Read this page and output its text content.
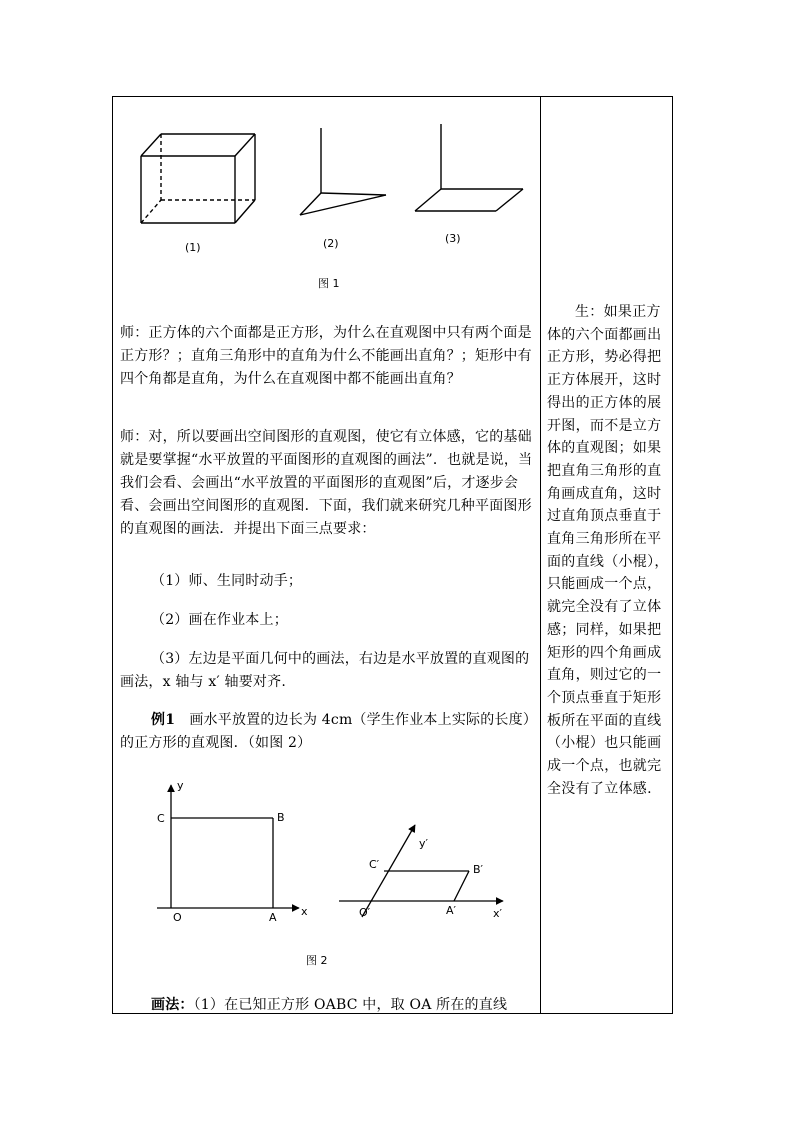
(1)	(2)	(3)
图 1

师：正方体的六个面都是正方形，为什么在直观图中只有两个面是正方形？；直角三角形中的直角为什么不能画出直角？；矩形中有四个角都是直角，为什么在直观图中都不能画出直角？

师：对，所以要画出空间图形的直观图，使它有立体感，它的基础就是要掌握“水平放置的平面图形的直观图的画法”．也就是说，当我们会看、会画出“水平放置的平面图形的直观图”后，才逐步会看、会画出空间图形的直观图．下面，我们就来研究几种平面图形的直观图的画法．并提出下面三点要求：

（1）师、生同时动手；

（2）画在作业本上；

（3）左边是平面几何中的画法，右边是水平放置的直观图的画法，x 轴与 x′ 轴要对齐.

例1　 画水平放置的边长为 4cm（学生作业本上实际的长度）的正方形的直观图．（如图 2）

y
C	B
O	A x
y′
C′	B′
O′	A′	x′
图 2

画法：（1）在已知正方形 OABC 中，取 OA 所在的直线

生：如果正方体的六个面都画出正方形，势必得把正方体展开，这时得出的正方体的展开图，而不是立方体的直观图；如果把直角三角形的直角画成直角，这时过直角顶点垂直于直角三角形所在平面的直线（小棍），只能画成一个点，就完全没有了立体感；同样，如果把矩形的四个角画成直角，则过它的一个顶点垂直于矩形板所在平面的直线（小棍）也只能画成一个点，也就完全没有了立体感.
